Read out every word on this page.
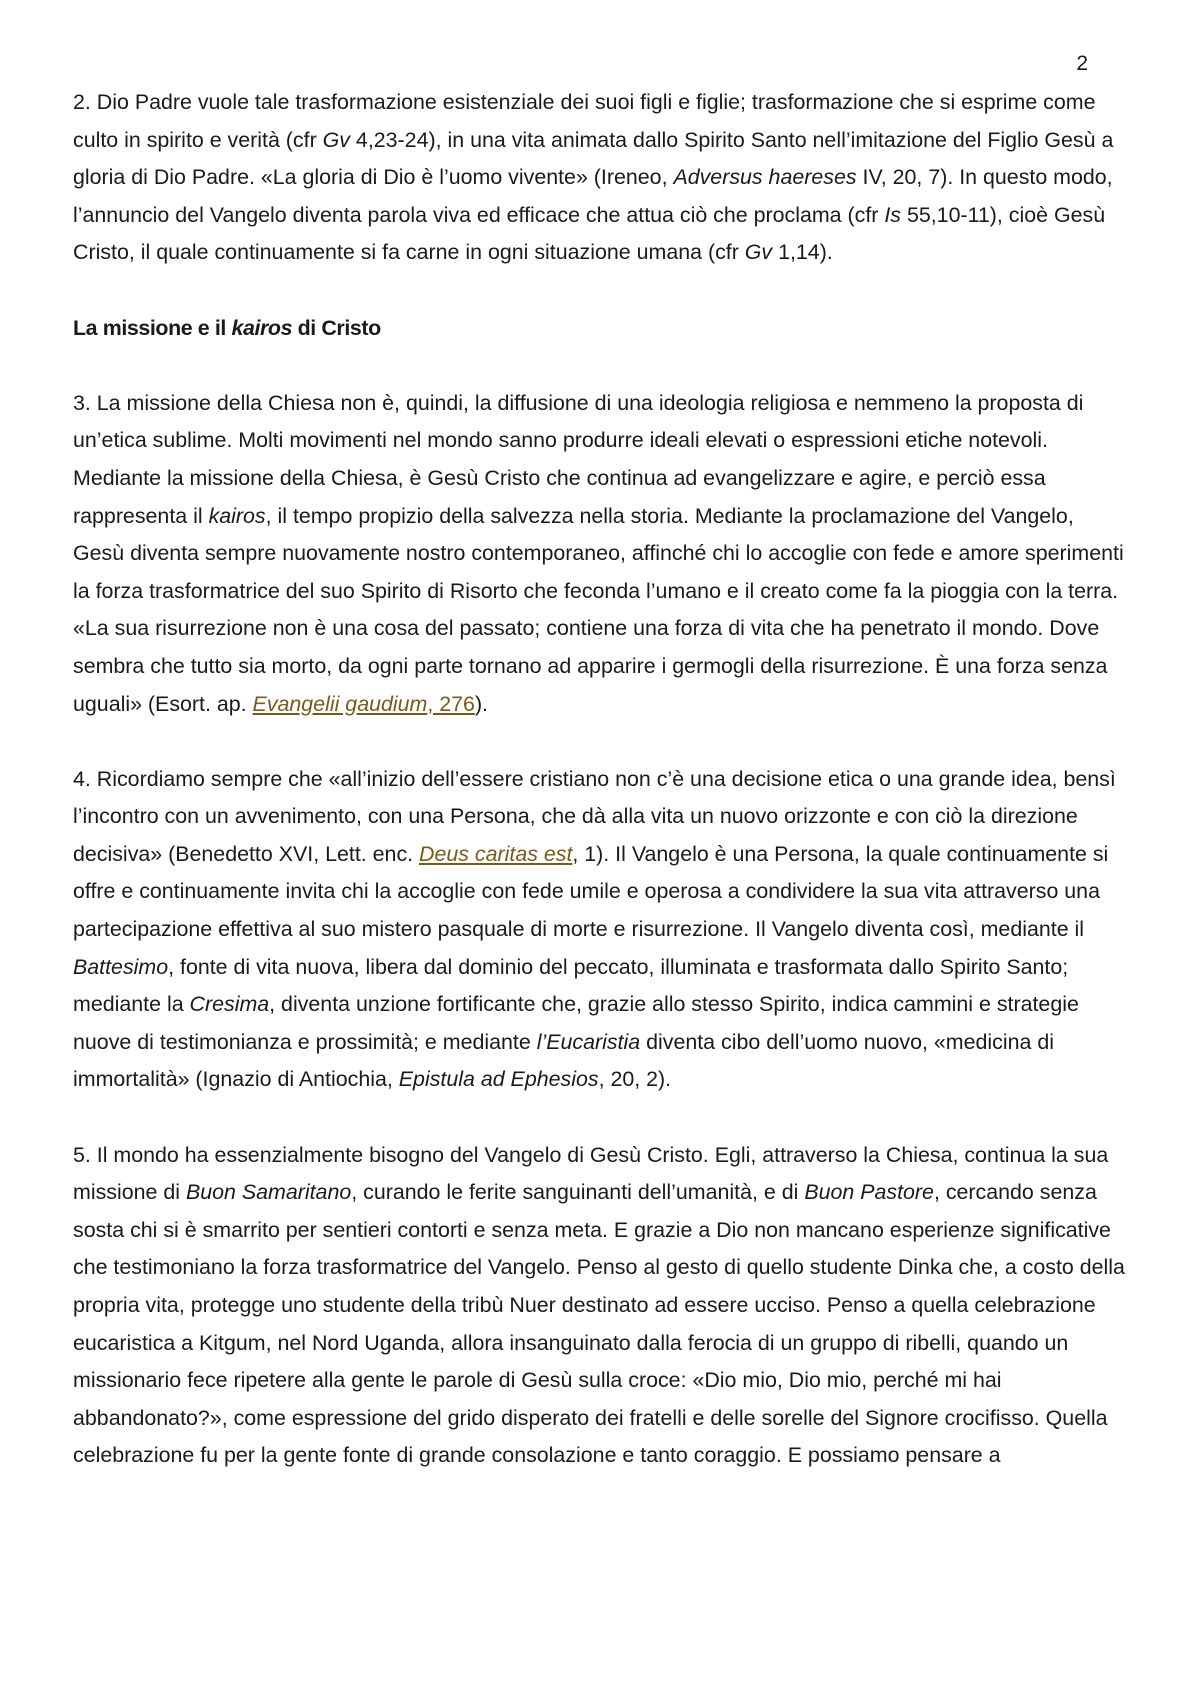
2

2. Dio Padre vuole tale trasformazione esistenziale dei suoi figli e figlie; trasformazione che si esprime come culto in spirito e verità (cfr Gv 4,23-24), in una vita animata dallo Spirito Santo nell’imitazione del Figlio Gesù a gloria di Dio Padre. «La gloria di Dio è l’uomo vivente» (Ireneo, Adversus haereses IV, 20, 7). In questo modo, l’annuncio del Vangelo diventa parola viva ed efficace che attua ciò che proclama (cfr Is 55,10-11), cioè Gesù Cristo, il quale continuamente si fa carne in ogni situazione umana (cfr Gv 1,14).

La missione e il kairos di Cristo

3. La missione della Chiesa non è, quindi, la diffusione di una ideologia religiosa e nemmeno la proposta di un’etica sublime. Molti movimenti nel mondo sanno produrre ideali elevati o espressioni etiche notevoli. Mediante la missione della Chiesa, è Gesù Cristo che continua ad evangelizzare e agire, e perciò essa rappresenta il kairos, il tempo propizio della salvezza nella storia. Mediante la proclamazione del Vangelo, Gesù diventa sempre nuovamente nostro contemporaneo, affinché chi lo accoglie con fede e amore sperimenti la forza trasformatrice del suo Spirito di Risorto che feconda l’umano e il creato come fa la pioggia con la terra. «La sua risurrezione non è una cosa del passato; contiene una forza di vita che ha penetrato il mondo. Dove sembra che tutto sia morto, da ogni parte tornano ad apparire i germogli della risurrezione. È una forza senza uguali» (Esort. ap. Evangelii gaudium, 276).

4. Ricordiamo sempre che «all’inizio dell’essere cristiano non c’è una decisione etica o una grande idea, bensì l’incontro con un avvenimento, con una Persona, che dà alla vita un nuovo orizzonte e con ciò la direzione decisiva» (Benedetto XVI, Lett. enc. Deus caritas est, 1). Il Vangelo è una Persona, la quale continuamente si offre e continuamente invita chi la accoglie con fede umile e operosa a condividere la sua vita attraverso una partecipazione effettiva al suo mistero pasquale di morte e risurrezione. Il Vangelo diventa così, mediante il Battesimo, fonte di vita nuova, libera dal dominio del peccato, illuminata e trasformata dallo Spirito Santo; mediante la Cresima, diventa unzione fortificante che, grazie allo stesso Spirito, indica cammini e strategie nuove di testimonianza e prossimità; e mediante l’Eucaristia diventa cibo dell’uomo nuovo, «medicina di immortalità» (Ignazio di Antiochia, Epistula ad Ephesios, 20, 2).

5. Il mondo ha essenzialmente bisogno del Vangelo di Gesù Cristo. Egli, attraverso la Chiesa, continua la sua missione di Buon Samaritano, curando le ferite sanguinanti dell’umanità, e di Buon Pastore, cercando senza sosta chi si è smarrito per sentieri contorti e senza meta. E grazie a Dio non mancano esperienze significative che testimoniano la forza trasformatrice del Vangelo. Penso al gesto di quello studente Dinka che, a costo della propria vita, protegge uno studente della tribù Nuer destinato ad essere ucciso. Penso a quella celebrazione eucaristica a Kitgum, nel Nord Uganda, allora insanguinato dalla ferocia di un gruppo di ribelli, quando un missionario fece ripetere alla gente le parole di Gesù sulla croce: «Dio mio, Dio mio, perché mi hai abbandonato?», come espressione del grido disperato dei fratelli e delle sorelle del Signore crocifisso. Quella celebrazione fu per la gente fonte di grande consolazione e tanto coraggio. E possiamo pensare a
